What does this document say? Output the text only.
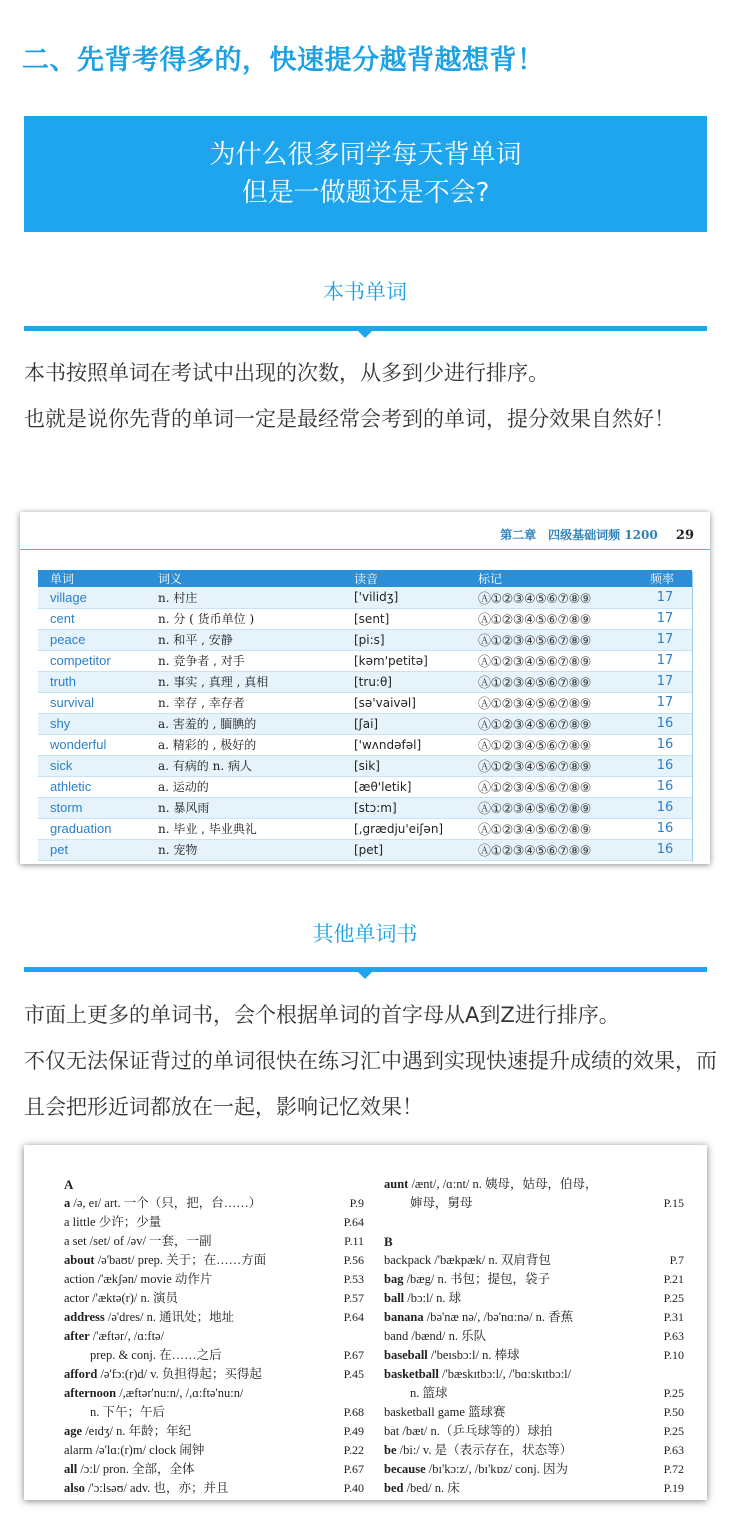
二、先背考得多的，快速提分越背越想背！
为什么很多同学每天背单词
但是一做题还是不会?
本书单词
本书按照单词在考试中出现的次数，从多到少进行排序。
也就是说你先背的单词一定是最经常会考到的单词，提分效果自然好！
第二章　四级基础词频 1200 29
单词	词义	读音	标记	频率
village	n. 村庄	['vilidʒ]	Ⓐ①②③④⑤⑥⑦⑧⑨	17
cent	n. 分 ( 货币单位 )	[sent]	Ⓐ①②③④⑤⑥⑦⑧⑨	17
peace	n. 和平 , 安静	[pi:s]	Ⓐ①②③④⑤⑥⑦⑧⑨	17
competitor	n. 竞争者 , 对手	[kəm'petitə]	Ⓐ①②③④⑤⑥⑦⑧⑨	17
truth	n. 事实 , 真理 , 真相	[tru:θ]	Ⓐ①②③④⑤⑥⑦⑧⑨	17
survival	n. 幸存 , 幸存者	[sə'vaivəl]	Ⓐ①②③④⑤⑥⑦⑧⑨	17
shy	a. 害羞的 , 腼腆的	[ʃai]	Ⓐ①②③④⑤⑥⑦⑧⑨	16
wonderful	a. 精彩的 , 极好的	['wʌndəfəl]	Ⓐ①②③④⑤⑥⑦⑧⑨	16
sick	a. 有病的 n. 病人	[sik]	Ⓐ①②③④⑤⑥⑦⑧⑨	16
athletic	a. 运动的	[æθ'letik]	Ⓐ①②③④⑤⑥⑦⑧⑨	16
storm	n. 暴风雨	[stɔ:m]	Ⓐ①②③④⑤⑥⑦⑧⑨	16
graduation	n. 毕业 , 毕业典礼	[,grædju'eiʃən]	Ⓐ①②③④⑤⑥⑦⑧⑨	16
pet	n. 宠物	[pet]	Ⓐ①②③④⑤⑥⑦⑧⑨	16
其他单词书
市面上更多的单词书，会个根据单词的首字母从A到Z进行排序。
不仅无法保证背过的单词很快在练习汇中遇到实现快速提升成绩的效果，而且会把形近词都放在一起，影响记忆效果！
A
a /ə, eɪ/ art. 一个（只，把，台……）	P.9
a little 少许；少量	P.64
a set /set/ of /əv/ 一套，一副	P.11
about /ə'baʊt/ prep. 关于；在……方面	P.56
action /'ækʃən/ movie 动作片	P.53
actor /'æktə(r)/ n. 演员	P.57
address /ə'dres/ n. 通讯处；地址	P.64
after /'æftər/, /ɑ:ftə/
prep. & conj. 在……之后	P.67
afford /ə'fɔ:(r)d/ v. 负担得起；买得起	P.45
afternoon /,æftər'nu:n/, /,ɑ:ftə'nu:n/
n. 下午；午后	P.68
age /eɪdʒ/ n. 年龄；年纪	P.49
alarm /ə'lɑ:(r)m/ clock 闹钟	P.22
all /ɔ:l/ pron. 全部，全体	P.67
also /'ɔ:lsəʊ/ adv. 也，亦；并且	P.40
aunt /ænt/, /ɑ:nt/ n. 姨母，姑母，伯母，
婶母，舅母	P.15
B
backpack /'bækpæk/ n. 双肩背包	P.7
bag /bæg/ n. 书包；提包，袋子	P.21
ball /bɔ:l/ n. 球	P.25
banana /bə'næ nə/, /bə'nɑ:nə/ n. 香蕉	P.31
band /bænd/ n. 乐队	P.63
baseball /'beɪsbɔ:l/ n. 棒球	P.10
basketball /'bæskɪtbɔ:l/, /'bɑ:skɪtbɔ:l/
n. 篮球	P.25
basketball game 篮球赛	P.50
bat /bæt/ n.（乒乓球等的）球拍	P.25
be /bi:/ v. 是（表示存在，状态等）	P.63
because /bɪ'kɔ:z/, /bɪ'kɒz/ conj. 因为	P.72
bed /bed/ n. 床	P.19
